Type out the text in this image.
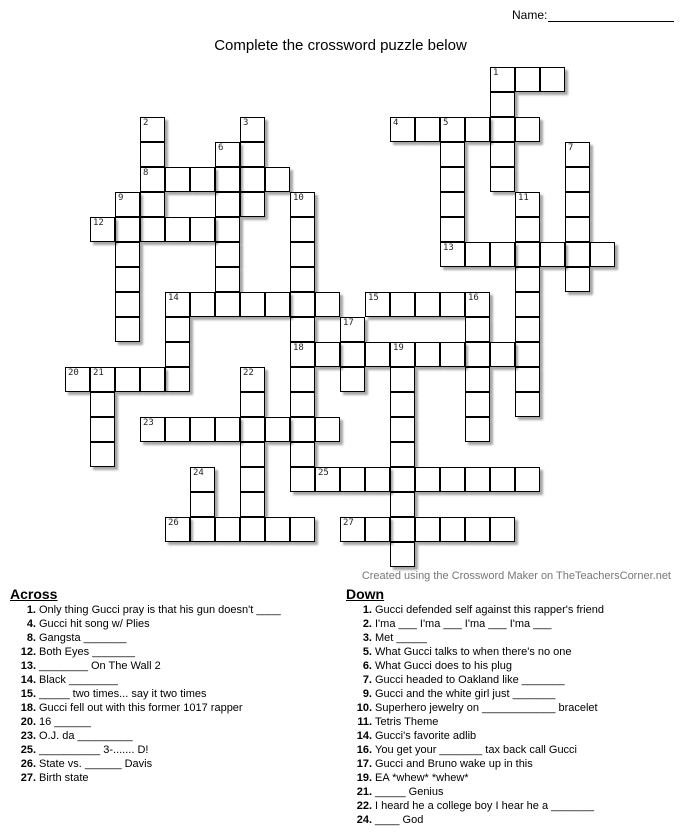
Name:
Complete the crossword puzzle below
1
2
8
3	4	5
13
6	7
9	10
18
11
12
14	15	16
17
19
20 21	22
23
24	25
26	27
Created using the Crossword Maker on TheTeachersCorner.net
Across
1. Only thing Gucci pray is that his gun doesn't ____
4. Gucci hit song w/ Plies
8. Gangsta _______
12. Both Eyes _______
13. ________ On The Wall 2
14. Black ________
15. _____ two times... say it two times
18. Gucci fell out with this former 1017 rapper
20. 16 ______
23. O.J. da _________
25. __________ 3-....... D!
26. State vs. ______ Davis
27. Birth state
Down
1. Gucci defended self against this rapper's friend
2. I'ma ___ I'ma ___ I'ma ___ I'ma ___
3. Met _____
5. What Gucci talks to when there's no one
6. What Gucci does to his plug
7. Gucci headed to Oakland like _______
9. Gucci and the white girl just _______
10. Superhero jewelry on ____________ bracelet
11. Tetris Theme
14. Gucci's favorite adlib
16. You get your _______ tax back call Gucci
17. Gucci and Bruno wake up in this
19. EA *whew* *whew*
21. _____ Genius
22. I heard he a college boy I hear he a _______
24. ____ God
